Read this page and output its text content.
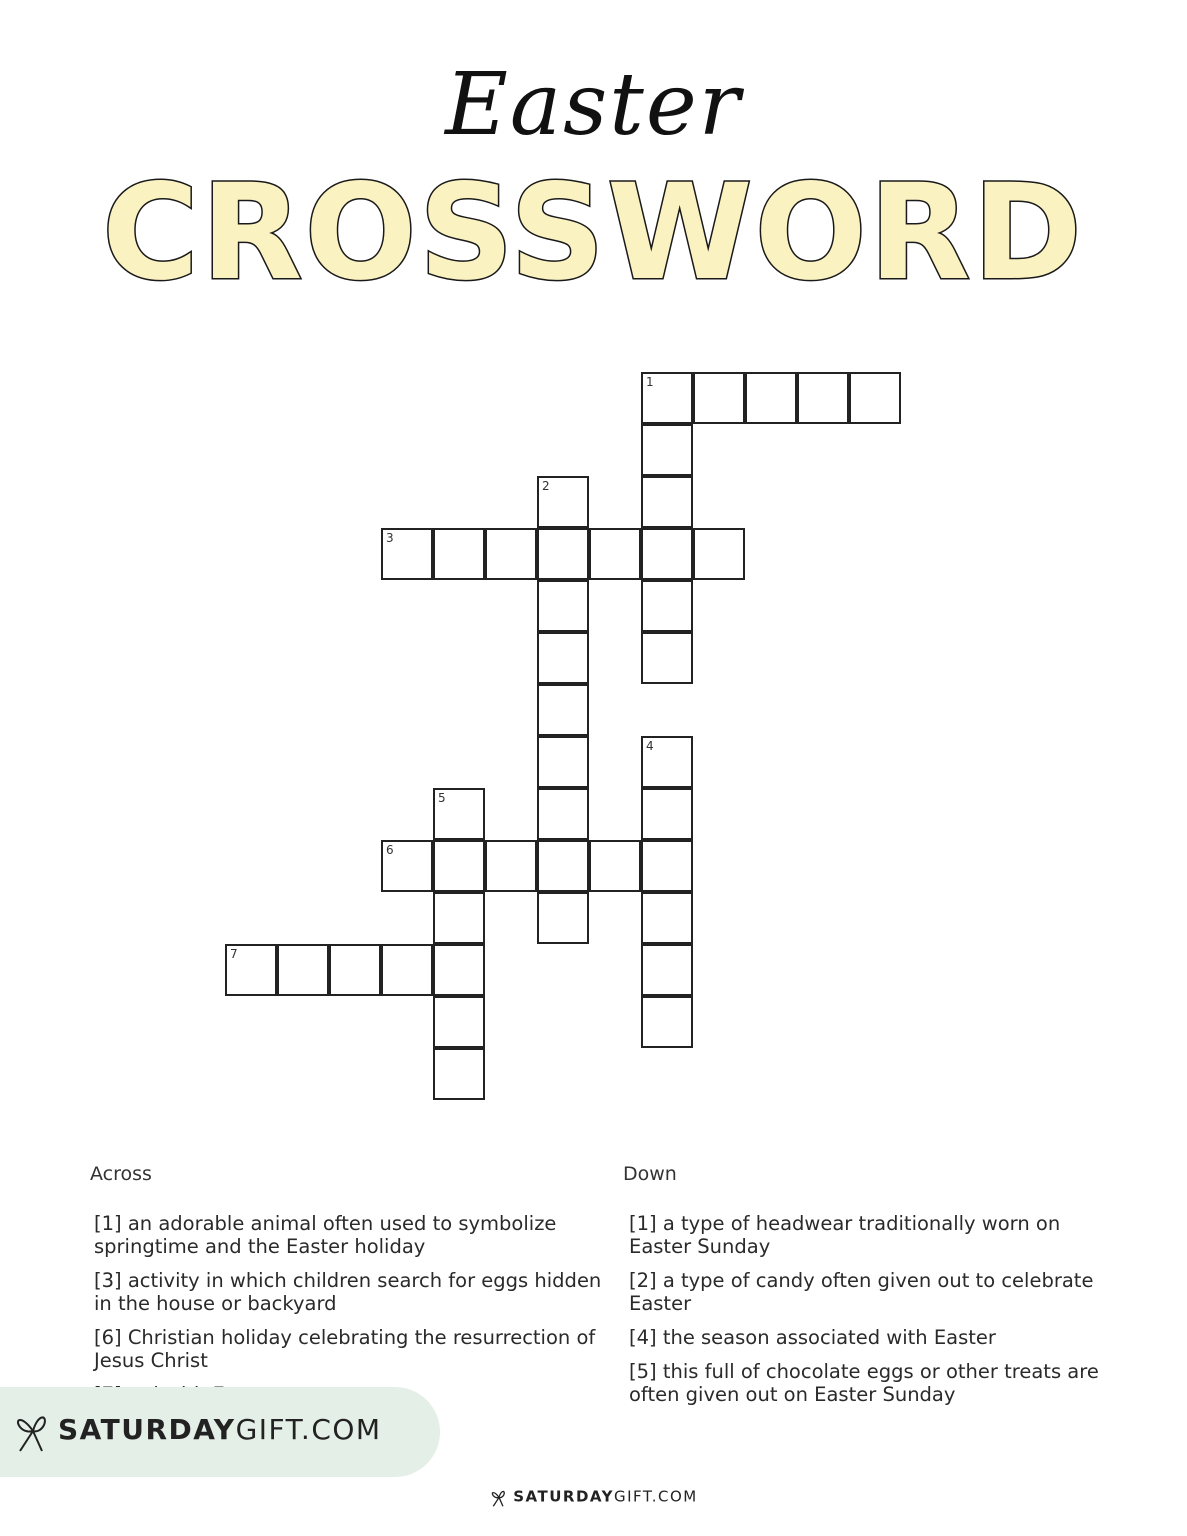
Easter
CROSSWORD
1
2
3
4
5
6
7
Across	Down
[1] an adorable animal often used to symbolize springtime and the Easter holiday
[3] activity in which children search for eggs hidden in the house or backyard
[6] Christian holiday celebrating the resurrection of Jesus Christ
[1] a type of headwear traditionally worn on Easter Sunday
[2] a type of candy often given out to celebrate Easter
[4] the season associated with Easter
[5] this full of chocolate eggs or other treats are often given out on Easter Sunday
SATURDAYGIFT.COM
SATURDAYGIFT.COM
